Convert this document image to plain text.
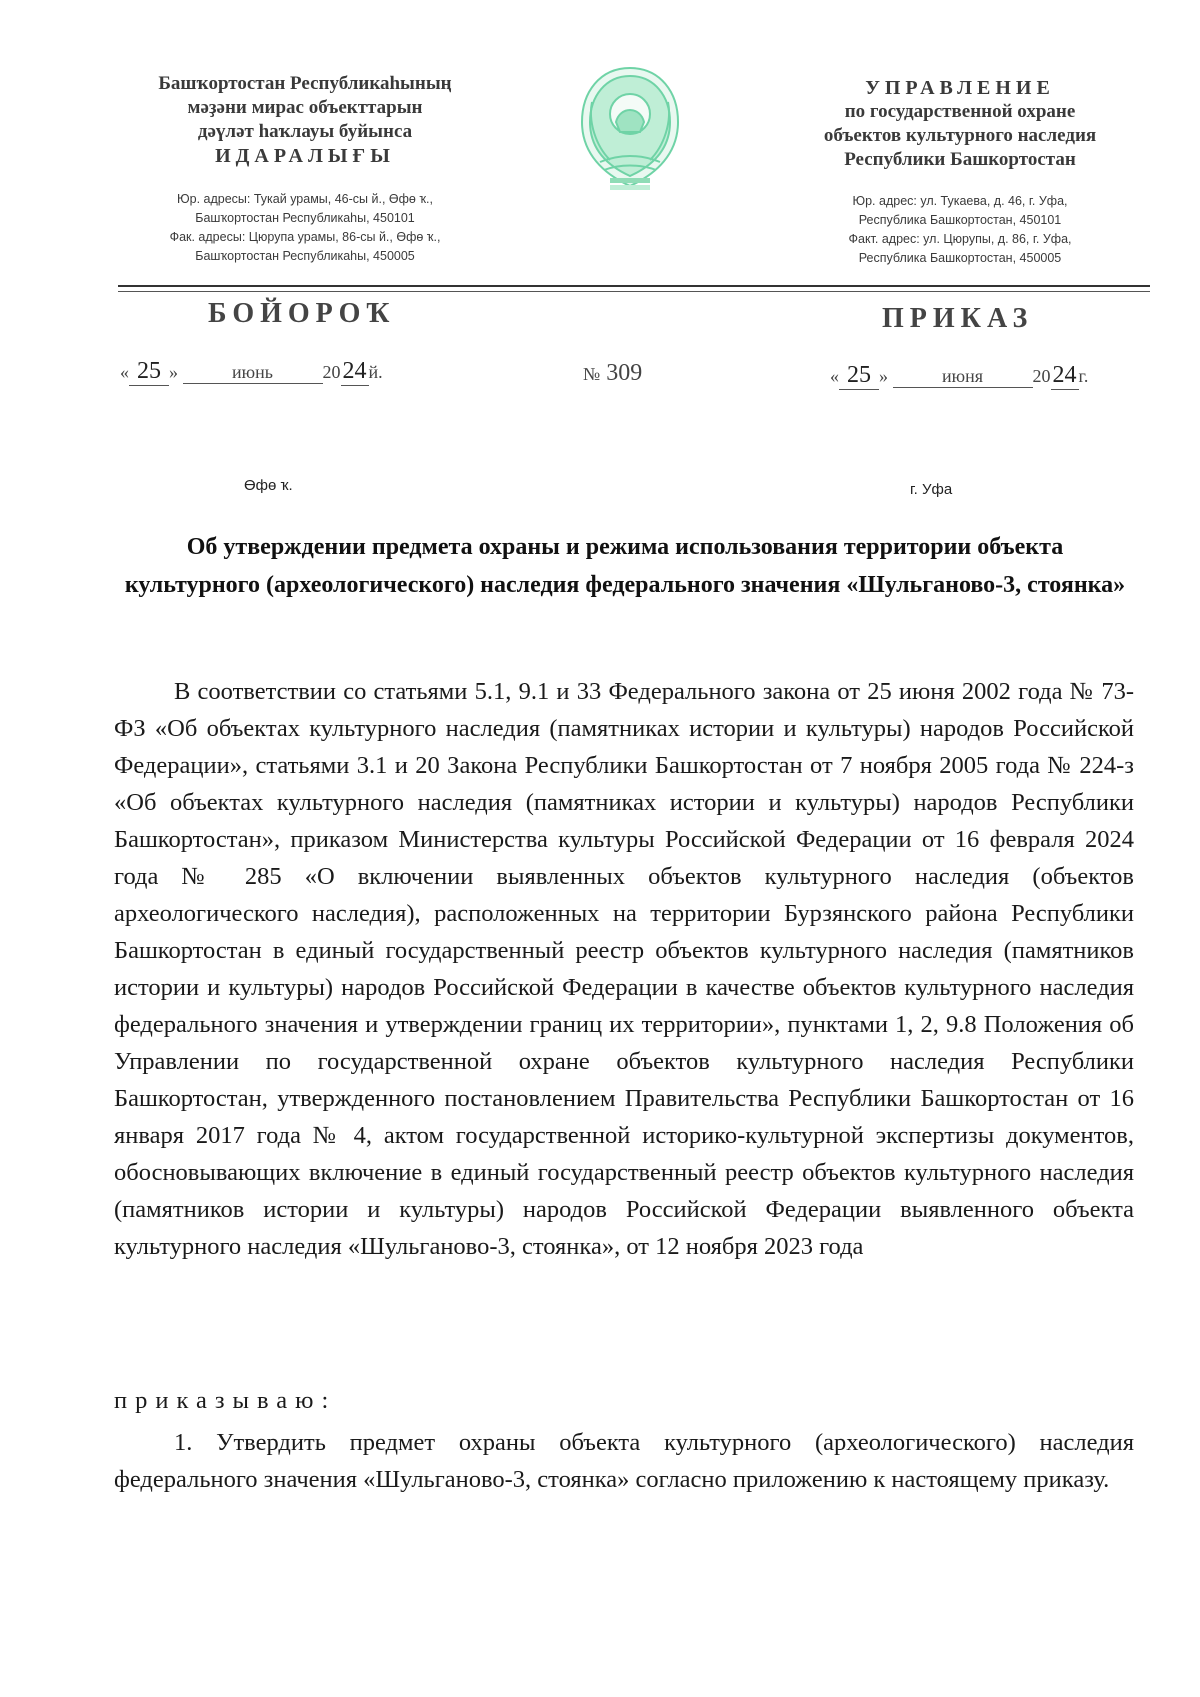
Башҡортостан Республикаһының
мәҙәни мирас объекттарын
дәүләт һаҡлауы буйынса
ИДАРАЛЫҒЫ
Юр. адресы: Тукай урамы, 46-сы й., Өфө ҡ.,
Башҡортостан Республикаһы, 450101
Фак. адресы: Цюрупа урамы, 86-сы й., Өфө ҡ.,
Башҡортостан Республикаһы, 450005
УПРАВЛЕНИЕ
по государственной охране
объектов культурного наследия
Республики Башкортостан
Юр. адрес: ул. Тукаева, д. 46, г. Уфа,
Республика Башкортостан, 450101
Факт. адрес: ул. Цюрупы, д. 86, г. Уфа,
Республика Башкортостан, 450005
БОЙОРОҠ	ПРИКАЗ
« 25 »	июнь	2024 й.	№ 309	« 25 »	июня	2024 г.
Өфө ҡ.	г. Уфа
Об утверждении предмета охраны и режима использования территории объекта культурного (археологического) наследия федерального значения «Шульганово-3, стоянка»
В соответствии со статьями 5.1, 9.1 и 33 Федерального закона от 25 июня 2002 года № 73-ФЗ «Об объектах культурного наследия (памятниках истории и культуры) народов Российской Федерации», статьями 3.1 и 20 Закона Республики Башкортостан от 7 ноября 2005 года № 224-з «Об объектах культурного наследия (памятниках истории и культуры) народов Республики Башкортостан», приказом Министерства культуры Российской Федерации от 16 февраля 2024 года № 285 «О включении выявленных объектов культурного наследия (объектов археологического наследия), расположенных на территории Бурзянского района Республики Башкортостан в единый государственный реестр объектов культурного наследия (памятников истории и культуры) народов Российской Федерации в качестве объектов культурного наследия федерального значения и утверждении границ их территории», пунктами 1, 2, 9.8 Положения об Управлении по государственной охране объектов культурного наследия Республики Башкортостан, утвержденного постановлением Правительства Республики Башкортостан от 16 января 2017 года № 4, актом государственной историко-культурной экспертизы документов, обосновывающих включение в единый государственный реестр объектов культурного наследия (памятников истории и культуры) народов Российской Федерации выявленного объекта культурного наследия «Шульганово-3, стоянка», от 12 ноября 2023 года
приказываю:
1. Утвердить предмет охраны объекта культурного (археологического) наследия федерального значения «Шульганово-3, стоянка» согласно приложению к настоящему приказу.
